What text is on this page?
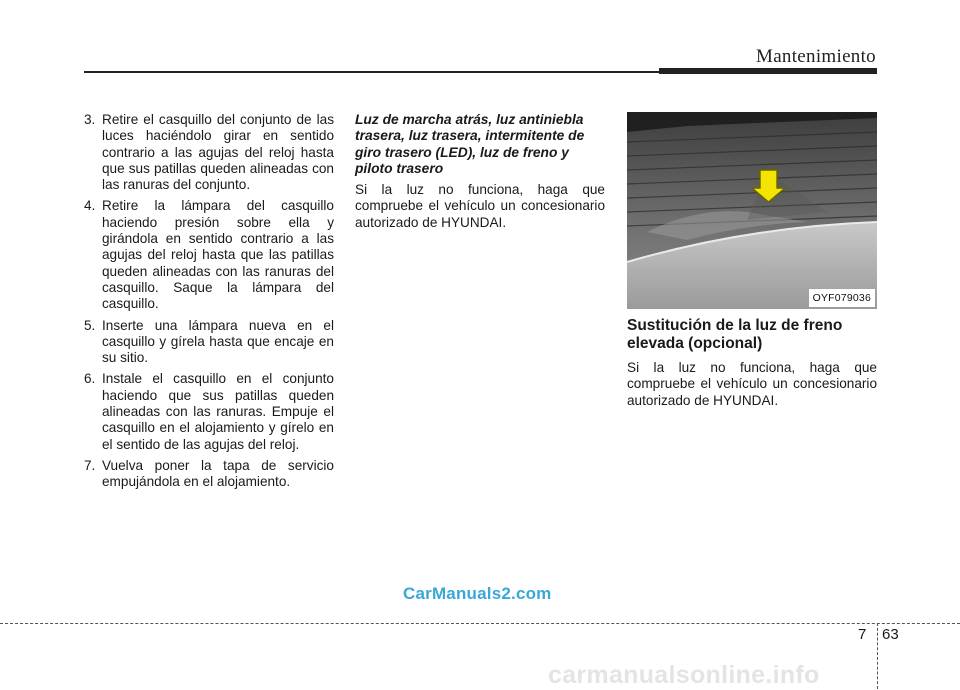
Mantenimiento
3. Retire el casquillo del conjunto de las luces haciéndolo girar en sentido contrario a las agujas del reloj hasta que sus patillas queden alineadas con las ranuras del conjunto.
4. Retire la lámpara del casquillo haciendo presión sobre ella y girándola en sentido contrario a las agujas del reloj hasta que las patillas queden alineadas con las ranuras del casquillo. Saque la lámpara del casquillo.
5. Inserte una lámpara nueva en el casquillo y gírela hasta que encaje en su sitio.
6. Instale el casquillo en el conjunto haciendo que sus patillas queden alineadas con las ranuras. Empuje el casquillo en el alojamiento y gírelo en el sentido de las agujas del reloj.
7. Vuelva poner la tapa de servicio empujándola en el alojamiento.
Luz de marcha atrás, luz antiniebla trasera, luz trasera, intermitente de giro trasero (LED), luz de freno y piloto trasero

Si la luz no funciona, haga que compruebe el vehículo un concesionario autorizado de HYUNDAI.

OYF079036
Sustitución de la luz de freno elevada (opcional)

Si la luz no funciona, haga que compruebe el vehículo un concesionario autorizado de HYUNDAI.

CarManuals2.com
7 63
carmanualsonline.info
